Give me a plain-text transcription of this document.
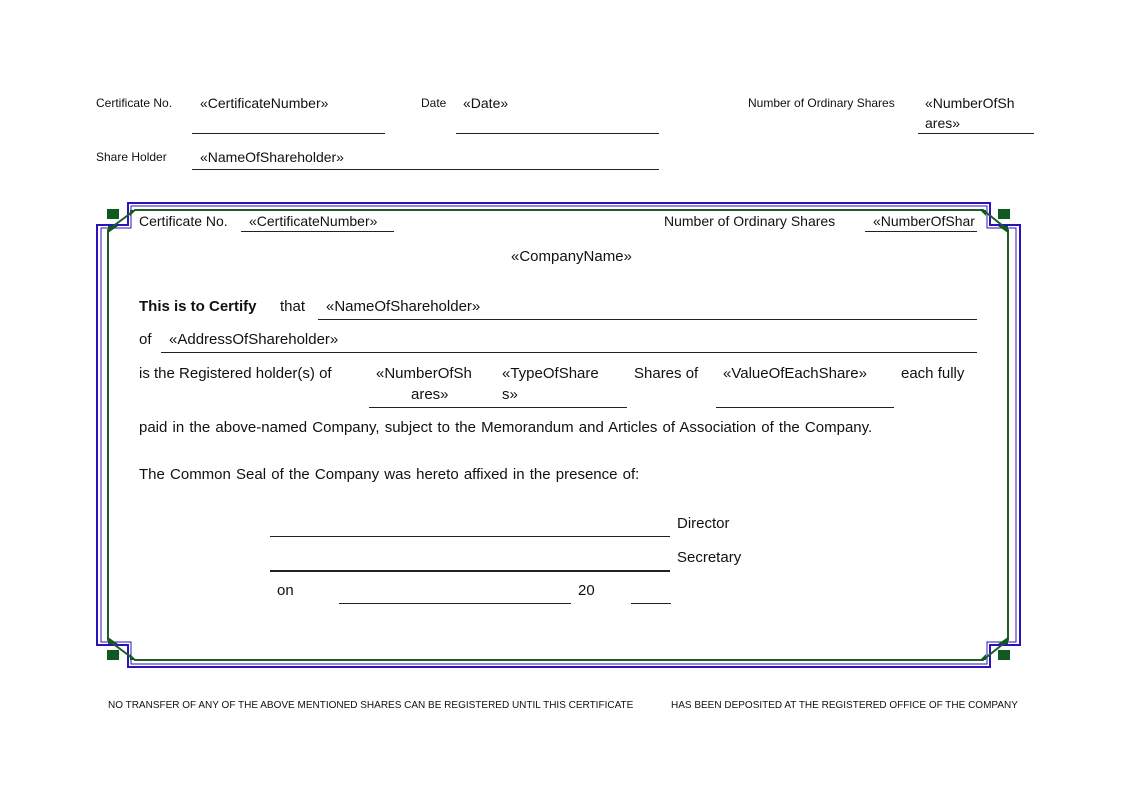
Certificate No. «CertificateNumber»	Date «Date»	Number of Ordinary Shares «NumberOfSh
ares»
Share Holder «NameOfShareholder»
Certificate No. «CertificateNumber»	Number of Ordinary Shares	«NumberOfShar
«CompanyName»
This is to Certify that «NameOfShareholder»
of «AddressOfShareholder»
is the Registered holder(s) of	«NumberOfSh
ares»
«TypeOfShare
s»
Shares of «ValueOfEachShare» each fully
paid in the above-named Company, subject to the Memorandum and Articles of Association of the Company.
The Common Seal of the Company was hereto affixed in the presence of:
Director
Secretary
on	20
NO TRANSFER OF ANY OF THE ABOVE MENTIONED SHARES CAN BE REGISTERED UNTIL THIS CERTIFICATE	HAS BEEN DEPOSITED AT THE REGISTERED OFFICE OF THE COMPANY
